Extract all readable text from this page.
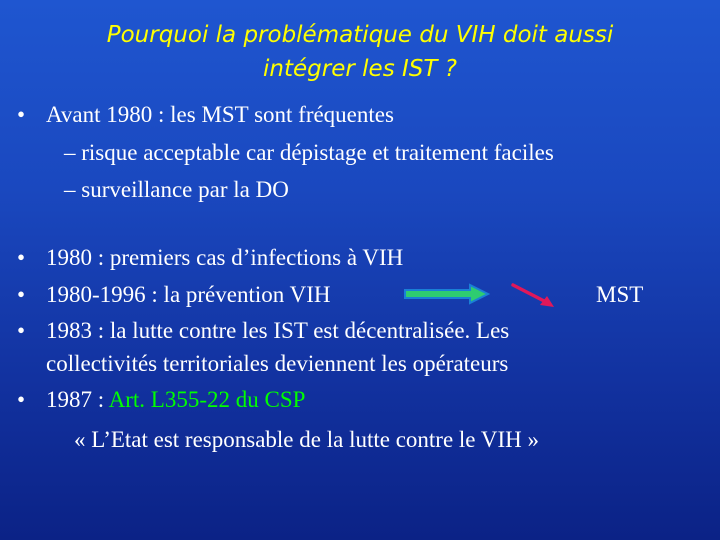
Pourquoi la problématique du VIH doit aussi
intégrer les IST ?
• Avant 1980 : les MST sont fréquentes
– risque acceptable car dépistage et traitement faciles
– surveillance par la DO
• 1980 : premiers cas d’infections à VIH
• 1980-1996 : la prévention VIH	MST
• 1983 : la lutte contre les IST est décentralisée. Les
collectivités territoriales deviennent les opérateurs
• 1987 : Art. L355-22 du CSP
« L’Etat est responsable de la lutte contre le VIH »
